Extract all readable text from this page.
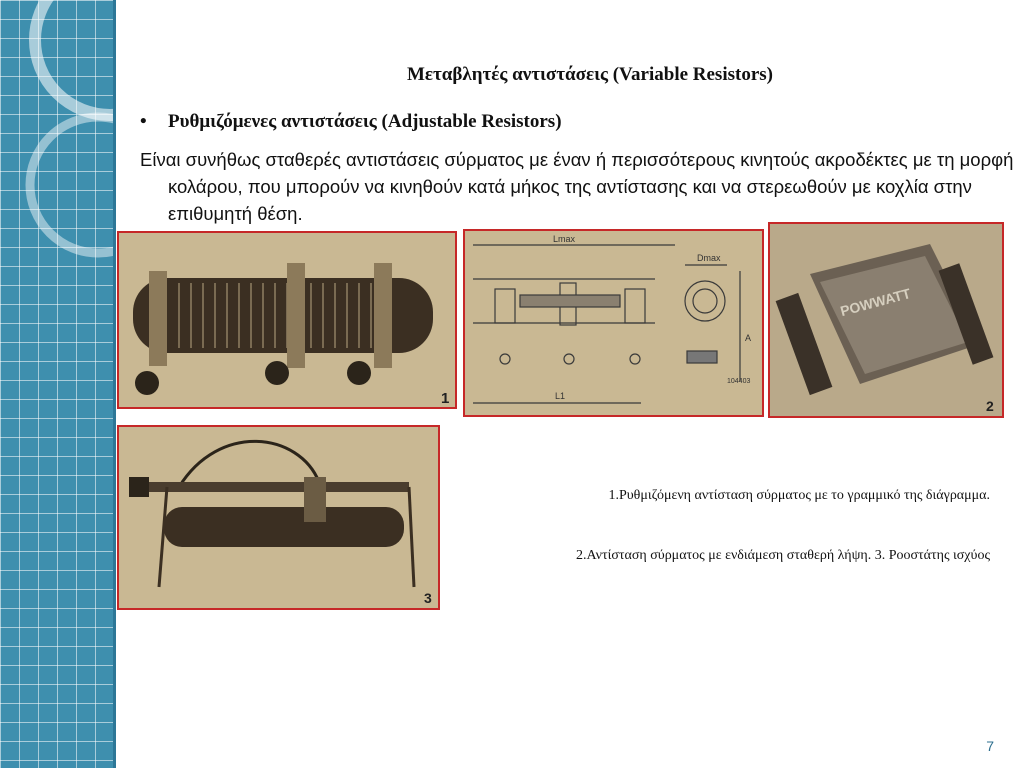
Μεταβλητές αντιστάσεις (Variable Resistors)
• Ρυθμιζόμενες αντιστάσεις (Adjustable Resistors)
Είναι συνήθως σταθερές αντιστάσεις σύρματος με έναν ή περισσότερους κινητούς ακροδέκτες με τη μορφή κολάρου, που μπορούν να κινηθούν κατά μήκος της αντίστασης και να στερεωθούν με κοχλία στην επιθυμητή θέση.
1
Lmax
Dmax
A
L1
104403
POWWATT
2
3
1.Ρυθμιζόμενη αντίσταση σύρματος με το γραμμικό της διάγραμμα.
2.Αντίσταση σύρματος με ενδιάμεση σταθερή λήψη. 3. Ροοστάτης ισχύος
7
